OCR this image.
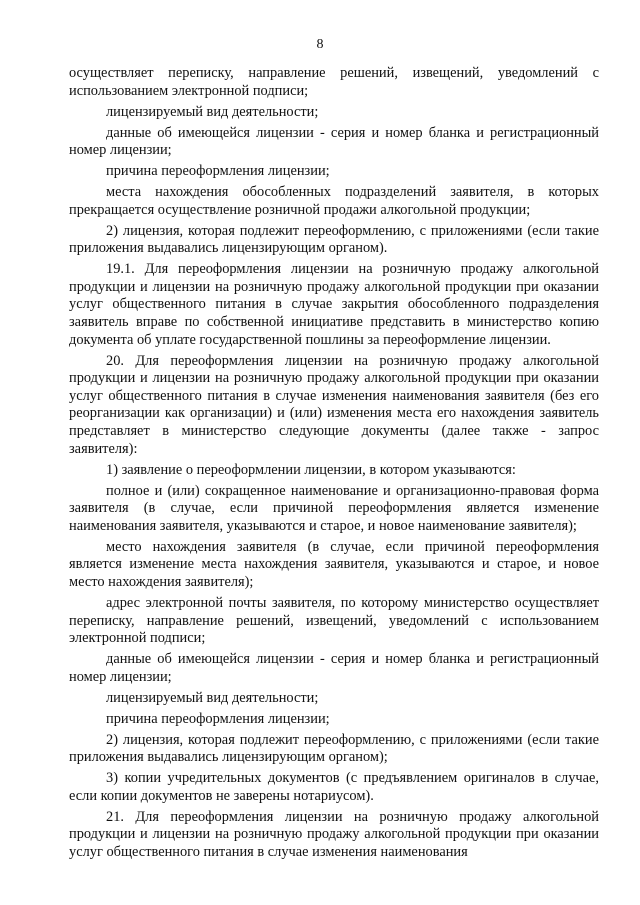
8

осуществляет переписку, направление решений, извещений, уведомлений с использованием электронной подписи;

лицензируемый вид деятельности;

данные об имеющейся лицензии - серия и номер бланка и регистрационный номер лицензии;

причина переоформления лицензии;

места нахождения обособленных подразделений заявителя, в которых прекращается осуществление розничной продажи алкогольной продукции;

2) лицензия, которая подлежит переоформлению, с приложениями (если такие приложения выдавались лицензирующим органом).

19.1. Для переоформления лицензии на розничную продажу алкогольной продукции и лицензии на розничную продажу алкогольной продукции при оказании услуг общественного питания в случае закрытия обособленного подразделения заявитель вправе по собственной инициативе представить в министерство копию документа об уплате государственной пошлины за переоформление лицензии.

20. Для переоформления лицензии на розничную продажу алкогольной продукции и лицензии на розничную продажу алкогольной продукции при оказании услуг общественного питания в случае изменения наименования заявителя (без его реорганизации как организации) и (или) изменения места его нахождения заявитель представляет в министерство следующие документы (далее также - запрос заявителя):

1) заявление о переоформлении лицензии, в котором указываются:

полное и (или) сокращенное наименование и организационно-правовая форма заявителя (в случае, если причиной переоформления является изменение наименования заявителя, указываются и старое, и новое наименование заявителя);

место нахождения заявителя (в случае, если причиной переоформления является изменение места нахождения заявителя, указываются и старое, и новое место нахождения заявителя);

адрес электронной почты заявителя, по которому министерство осуществляет переписку, направление решений, извещений, уведомлений с использованием электронной подписи;

данные об имеющейся лицензии - серия и номер бланка и регистрационный номер лицензии;

лицензируемый вид деятельности;

причина переоформления лицензии;

2) лицензия, которая подлежит переоформлению, с приложениями (если такие приложения выдавались лицензирующим органом);

3) копии учредительных документов (с предъявлением оригиналов в случае, если копии документов не заверены нотариусом).

21. Для переоформления лицензии на розничную продажу алкогольной продукции и лицензии на розничную продажу алкогольной продукции при оказании услуг общественного питания в случае изменения наименования
